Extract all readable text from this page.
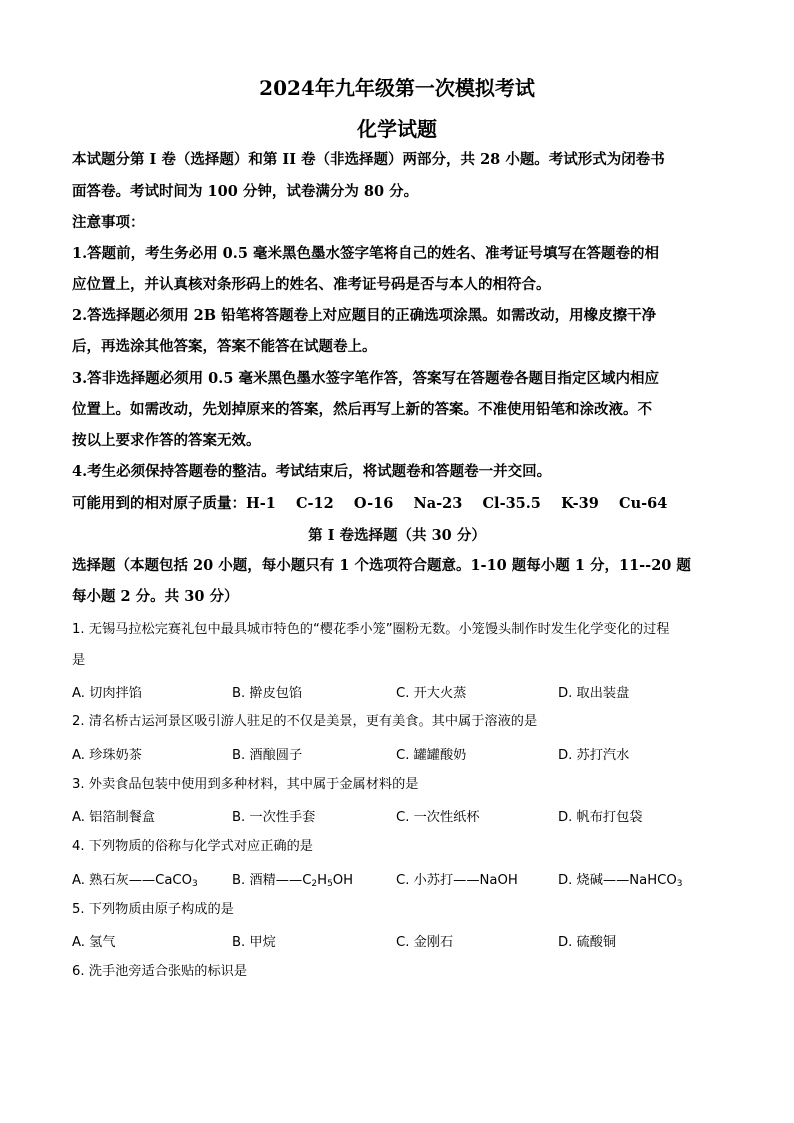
2024年九年级第一次模拟考试
化学试题
本试题分第 I 卷（选择题）和第 II 卷（非选择题）两部分，共 28 小题。考试形式为闭卷书
面答卷。考试时间为 100 分钟，试卷满分为 80 分。
注意事项：
1.答题前，考生务必用 0.5 毫米黑色墨水签字笔将自己的姓名、准考证号填写在答题卷的相
应位置上，并认真核对条形码上的姓名、准考证号码是否与本人的相符合。
2.答选择题必须用 2B 铅笔将答题卷上对应题目的正确选项涂黑。如需改动，用橡皮擦干净
后，再选涂其他答案，答案不能答在试题卷上。
3.答非选择题必须用 0.5 毫米黑色墨水签字笔作答，答案写在答题卷各题目指定区域内相应
位置上。如需改动，先划掉原来的答案，然后再写上新的答案。不准使用铅笔和涂改液。不
按以上要求作答的答案无效。
4.考生必须保持答题卷的整洁。考试结束后，将试题卷和答题卷一并交回。
可能用到的相对原子质量：H-1    C-12    O-16    Na-23    Cl-35.5    K-39    Cu-64
第 I 卷选择题（共 30 分）
选择题（本题包括 20 小题，每小题只有 1 个选项符合题意。1-10 题每小题 1 分，11--20 题
每小题 2 分。共 30 分）
1. 无锡马拉松完赛礼包中最具城市特色的“樱花季小笼”圈粉无数。小笼馒头制作时发生化学变化的过程
是
A. 切肉拌馅	B. 擀皮包馅	C. 开大火蒸	D. 取出装盘
2. 清名桥古运河景区吸引游人驻足的不仅是美景，更有美食。其中属于溶液的是
A. 珍珠奶茶	B. 酒酿圆子	C. 罐罐酸奶	D. 苏打汽水
3. 外卖食品包装中使用到多种材料，其中属于金属材料的是
A. 铝箔制餐盒	B. 一次性手套	C. 一次性纸杯	D. 帆布打包袋
4. 下列物质的俗称与化学式对应正确的是
A. 熟石灰——CaCO$_3$	B. 酒精$——C_2H_5OH$	C. 小苏打——NaOH	D. 烧碱——NaHCO$_3$
5. 下列物质由原子构成的是
A. 氢气	B. 甲烷	C. 金刚石	D. 硫酸铜
6. 洗手池旁适合张贴的标识是
